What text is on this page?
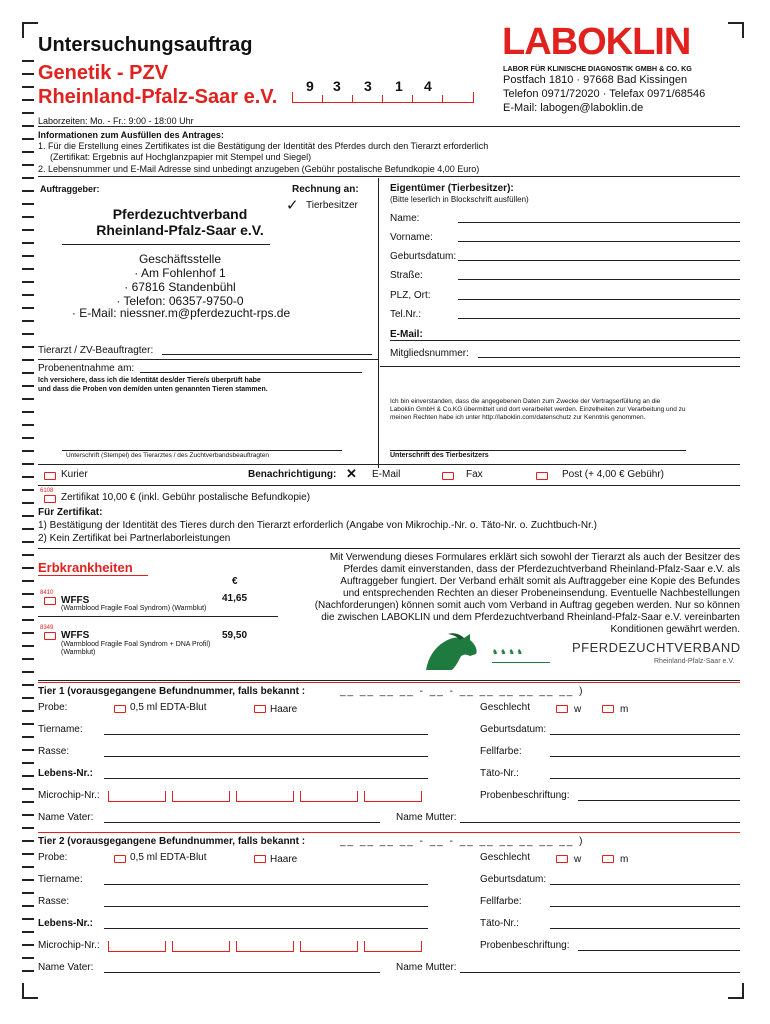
Untersuchungsauftrag
Genetik - PZV
Rheinland-Pfalz-Saar e.V. 9 3 3 1 4
LABOKLIN
LABOR FÜR KLINISCHE DIAGNOSTIK GMBH & CO. KG
Postfach 1810 · 97668 Bad Kissingen
Telefon 0971/72020 · Telefax 0971/68546
E-Mail: labogen@laboklin.de
Laborzeiten: Mo. - Fr.: 9:00 - 18:00 Uhr
Informationen zum Ausfüllen des Antrages:
1. Für die Erstellung eines Zertifikates ist die Bestätigung der Identität des Pferdes durch den Tierarzt erforderlich
(Zertifikat: Ergebnis auf Hochglanzpapier mit Stempel und Siegel)
2. Lebensnummer und E-Mail Adresse sind unbedingt anzugeben (Gebühr postalische Befundkopie 4,00 Euro)
Auftraggeber:	Rechnung an:
✓ Tierbesitzer
Pferdezuchtverband
Rheinland-Pfalz-Saar e.V.
Geschäftsstelle
· Am Fohlenhof 1
· 67816 Standenbühl
· Telefon: 06357-9750-0
· E-Mail: niessner.m@pferdezucht-rps.de
Eigentümer (Tierbesitzer):
(Bitte leserlich in Blockschrift ausfüllen)
Name:
Vorname:
Geburtsdatum:
Straße:
PLZ, Ort:
Tel.Nr.:
E-Mail:
Mitgliedsnummer:
Tierarzt / ZV-Beauftragter:
Probenentnahme am:
Ich versichere, dass ich die Identität des/der Tiere/s überprüft habe
und dass die Proben von dem/den unten genannten Tieren stammen.
Ich bin einverstanden, dass die angegebenen Daten zum Zwecke der Vertragserfüllung an die
Laboklin GmbH & Co.KG übermittelt und dort verarbeitet werden. Einzelheiten zur Verarbeitung und zu
meinen Rechten habe ich unter http://laboklin.com/datenschutz zur Kenntnis genommen.
Unterschrift (Stempel) des Tierarztes / des Zuchtverbandsbeauftragten	Unterschrift des Tierbesitzers
Kurier	Benachrichtigung: ✕ E-Mail	Fax	Post (+ 4,00 € Gebühr)
6108
Zertifikat 10,00 € (inkl. Gebühr postalische Befundkopie)
Für Zertifikat:
1) Bestätigung der Identität des Tieres durch den Tierarzt erforderlich (Angabe von Mikrochip.-Nr. o. Täto-Nr. o. Zuchtbuch-Nr.)
2) Kein Zertifikat bei Partnerlaborleistungen
Erbkrankheiten
€
8410
WFFS	41,65
(Warmblood Fragile Foal Syndrom) (Warmblut)
8349
WFFS	59,50
(Warmblood Fragile Foal Syndrom + DNA Profil)
(Warmblut)
Mit Verwendung dieses Formulares erklärt sich sowohl der Tierarzt als auch der Besitzer des
Pferdes damit einverstanden, dass der Pferdezuchtverband Rheinland-Pfalz-Saar e.V. als
Auftraggeber fungiert. Der Verband erhält somit als Auftraggeber eine Kopie des Befundes
und entsprechenden Rechten an dieser Probeneinsendung. Eventuelle Nachbestellungen
(Nachforderungen) können somit auch vom Verband in Auftrag gegeben werden. Nur so können
die zwischen LABOKLIN und dem Pferdezuchtverband Rheinland-Pfalz-Saar e.V. vereinbarten
Konditionen gewährt werden.
♞ ♞ ♞ ♞	PFERDEZUCHTVERBAND
Rheinland-Pfalz-Saar e.V.
Tier 1 (vorausgegangene Befundnummer, falls bekannt :	__ __ __ __ - __ - __ __ __ __ __ __ )
Probe:	0,5 ml EDTA-Blut	Haare	Geschlecht	w	m
Tiername:	Geburtsdatum:
Rasse:	Fellfarbe:
Lebens-Nr.:	Täto-Nr.:
Microchip-Nr.:	Probenbeschriftung:
Name Vater:	Name Mutter:
Tier 2 (vorausgegangene Befundnummer, falls bekannt :	__ __ __ __ - __ - __ __ __ __ __ __ )
Probe:	0,5 ml EDTA-Blut	Haare	Geschlecht	w	m
Tiername:	Geburtsdatum:
Rasse:	Fellfarbe:
Lebens-Nr.:	Täto-Nr.:
Microchip-Nr.:	Probenbeschriftung:
Name Vater:	Name Mutter:
